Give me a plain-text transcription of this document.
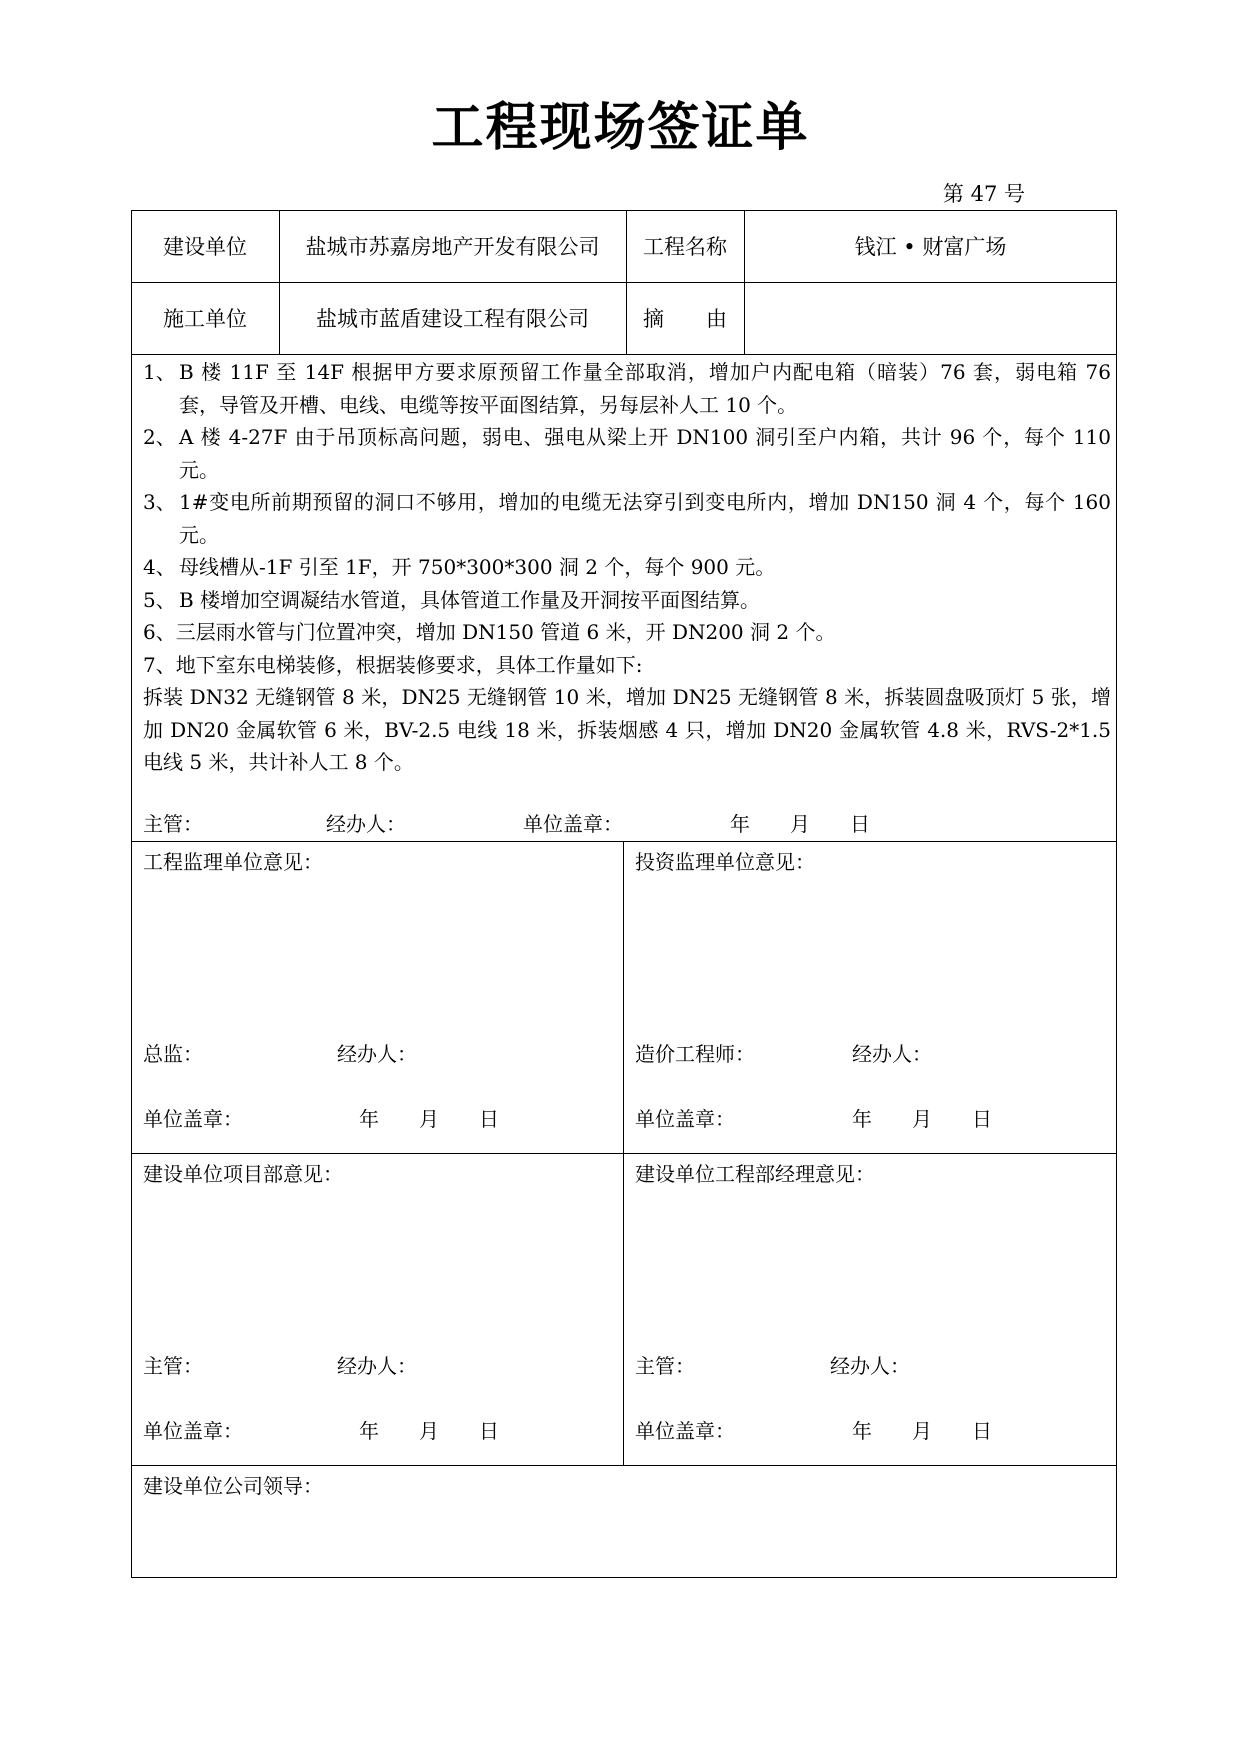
工程现场签证单
第 47 号
建设单位	盐城市苏嘉房地产开发有限公司	工程名称	钱江 • 财富广场
施工单位	盐城市蓝盾建设工程有限公司	摘　　由
1、 B 楼 11F 至 14F 根据甲方要求原预留工作量全部取消，增加户内配电箱（暗装）76 套，弱电箱 76 套，导管及开槽、电线、电缆等按平面图结算，另每层补人工 10 个。
2、 A 楼 4-27F 由于吊顶标高问题，弱电、强电从梁上开 DN100 洞引至户内箱，共计 96 个，每个 110 元。
3、 1#变电所前期预留的洞口不够用，增加的电缆无法穿引到变电所内，增加 DN150 洞 4 个，每个 160 元。
4、 母线槽从-1F 引至 1F，开 750*300*300 洞 2 个，每个 900 元。
5、 B 楼增加空调凝结水管道，具体管道工作量及开洞按平面图结算。
6、三层雨水管与门位置冲突，增加 DN150 管道 6 米，开 DN200 洞 2 个。
7、地下室东电梯装修，根据装修要求，具体工作量如下:
拆装 DN32 无缝钢管 8 米，DN25 无缝钢管 10 米，增加 DN25 无缝钢管 8 米，拆装圆盘吸顶灯 5 张，增加 DN20 金属软管 6 米，BV-2.5 电线 18 米，拆装烟感 4 只，增加 DN20 金属软管 4.8 米，RVS-2*1.5 电线 5 米，共计补人工 8 个。
主管：	经办人：	单位盖章：	年　　月　　日
工程监理单位意见：
总监：	经办人：
单位盖章：	年　　月　　日
投资监理单位意见：
造价工程师：	经办人：
单位盖章：	年　　月　　日
建设单位项目部意见：
主管：	经办人：
单位盖章：	年　　月　　日
建设单位工程部经理意见：
主管：	经办人：
单位盖章：	年　　月　　日
建设单位公司领导：
